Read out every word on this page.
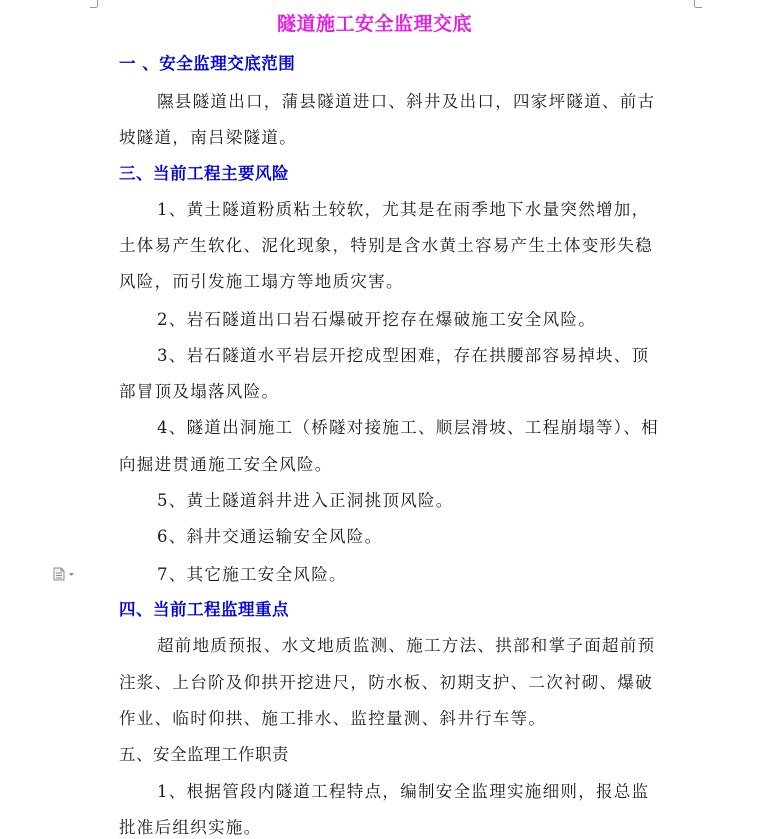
隧道施工安全监理交底
一 、安全监理交底范围
隰县隧道出口，蒲县隧道进口、斜井及出口，四家坪隧道、前古
坡隧道，南吕梁隧道。
三、当前工程主要风险
1、黄土隧道粉质粘土较软，尤其是在雨季地下水量突然增加，
土体易产生软化、泥化现象，特别是含水黄土容易产生土体变形失稳
风险，而引发施工塌方等地质灾害。
2、岩石隧道出口岩石爆破开挖存在爆破施工安全风险。
3、岩石隧道水平岩层开挖成型困难，存在拱腰部容易掉块、顶
部冒顶及塌落风险。
4、隧道出洞施工（桥隧对接施工、顺层滑坡、工程崩塌等）、相
向掘进贯通施工安全风险。
5、黄土隧道斜井进入正洞挑顶风险。
6、斜井交通运输安全风险。
7、其它施工安全风险。
四、当前工程监理重点
超前地质预报、水文地质监测、施工方法、拱部和掌子面超前预
注浆、上台阶及仰拱开挖进尺，防水板、初期支护、二次衬砌、爆破
作业、临时仰拱、施工排水、监控量测、斜井行车等。
五、安全监理工作职责
1、根据管段内隧道工程特点，编制安全监理实施细则，报总监
批准后组织实施。
